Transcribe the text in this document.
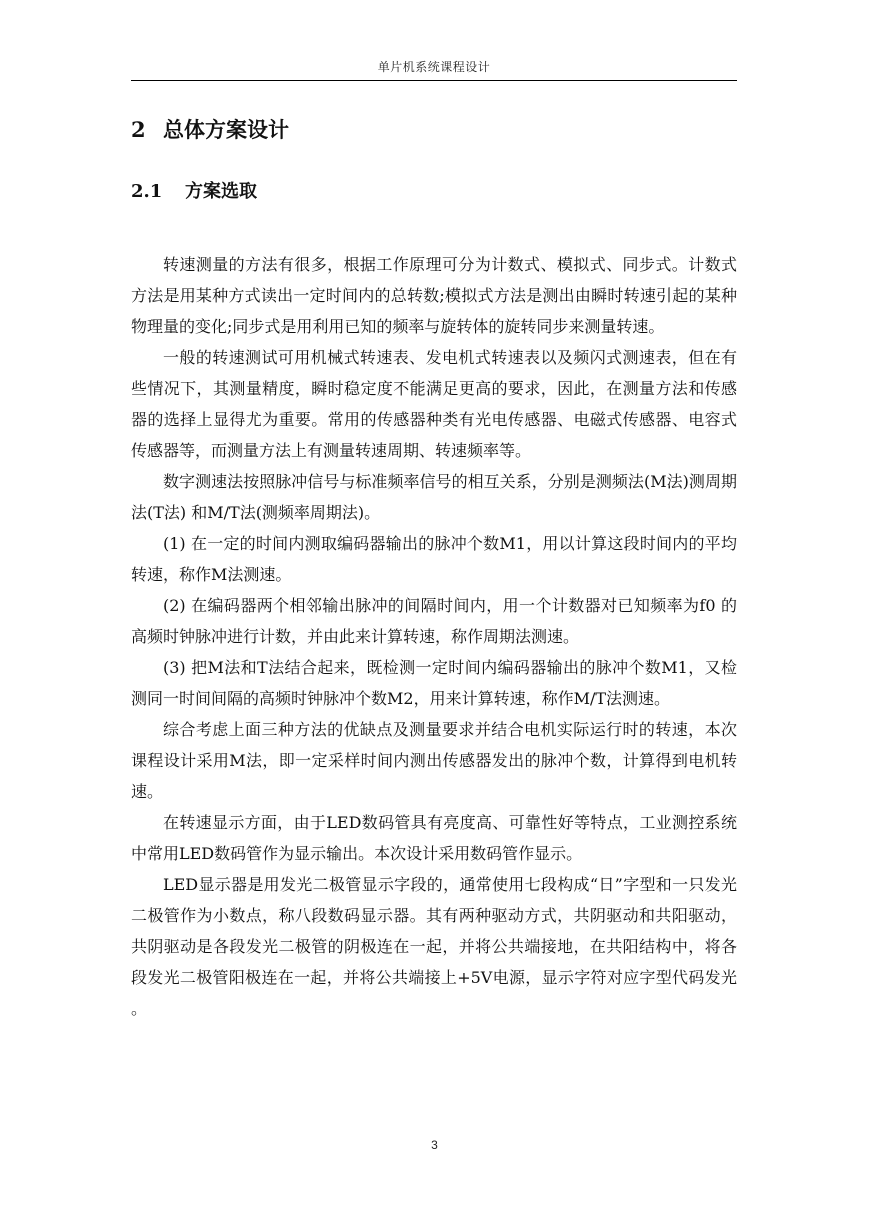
单片机系统课程设计
2 总体方案设计
2.1 方案选取

转速测量的方法有很多，根据工作原理可分为计数式、模拟式、同步式。计数式方法是用某种方式读出一定时间内的总转数;模拟式方法是测出由瞬时转速引起的某种物理量的变化;同步式是用利用已知的频率与旋转体的旋转同步来测量转速。

一般的转速测试可用机械式转速表、发电机式转速表以及频闪式测速表，但在有些情况下，其测量精度，瞬时稳定度不能满足更高的要求，因此，在测量方法和传感器的选择上显得尤为重要。常用的传感器种类有光电传感器、电磁式传感器、电容式传感器等，而测量方法上有测量转速周期、转速频率等。

数字测速法按照脉冲信号与标准频率信号的相互关系，分别是测频法(M法)测周期法(T法) 和M/T法(测频率周期法)。

(1) 在一定的时间内测取编码器输出的脉冲个数M1，用以计算这段时间内的平均转速，称作M法测速。

(2) 在编码器两个相邻输出脉冲的间隔时间内，用一个计数器对已知频率为f0 的高频时钟脉冲进行计数，并由此来计算转速，称作周期法测速。

(3) 把M法和T法结合起来，既检测一定时间内编码器输出的脉冲个数M1，又检测同一时间间隔的高频时钟脉冲个数M2，用来计算转速，称作M/T法测速。

综合考虑上面三种方法的优缺点及测量要求并结合电机实际运行时的转速，本次课程设计采用M法，即一定采样时间内测出传感器发出的脉冲个数，计算得到电机转速。

在转速显示方面，由于LED数码管具有亮度高、可靠性好等特点，工业测控系统中常用LED数码管作为显示输出。本次设计采用数码管作显示。

LED显示器是用发光二极管显示字段的，通常使用七段构成“日”字型和一只发光二极管作为小数点，称八段数码显示器。其有两种驱动方式，共阴驱动和共阳驱动，共阴驱动是各段发光二极管的阴极连在一起，并将公共端接地，在共阳结构中，将各段发光二极管阳极连在一起，并将公共端接上+5V电源，显示字符对应字型代码发光。

3
